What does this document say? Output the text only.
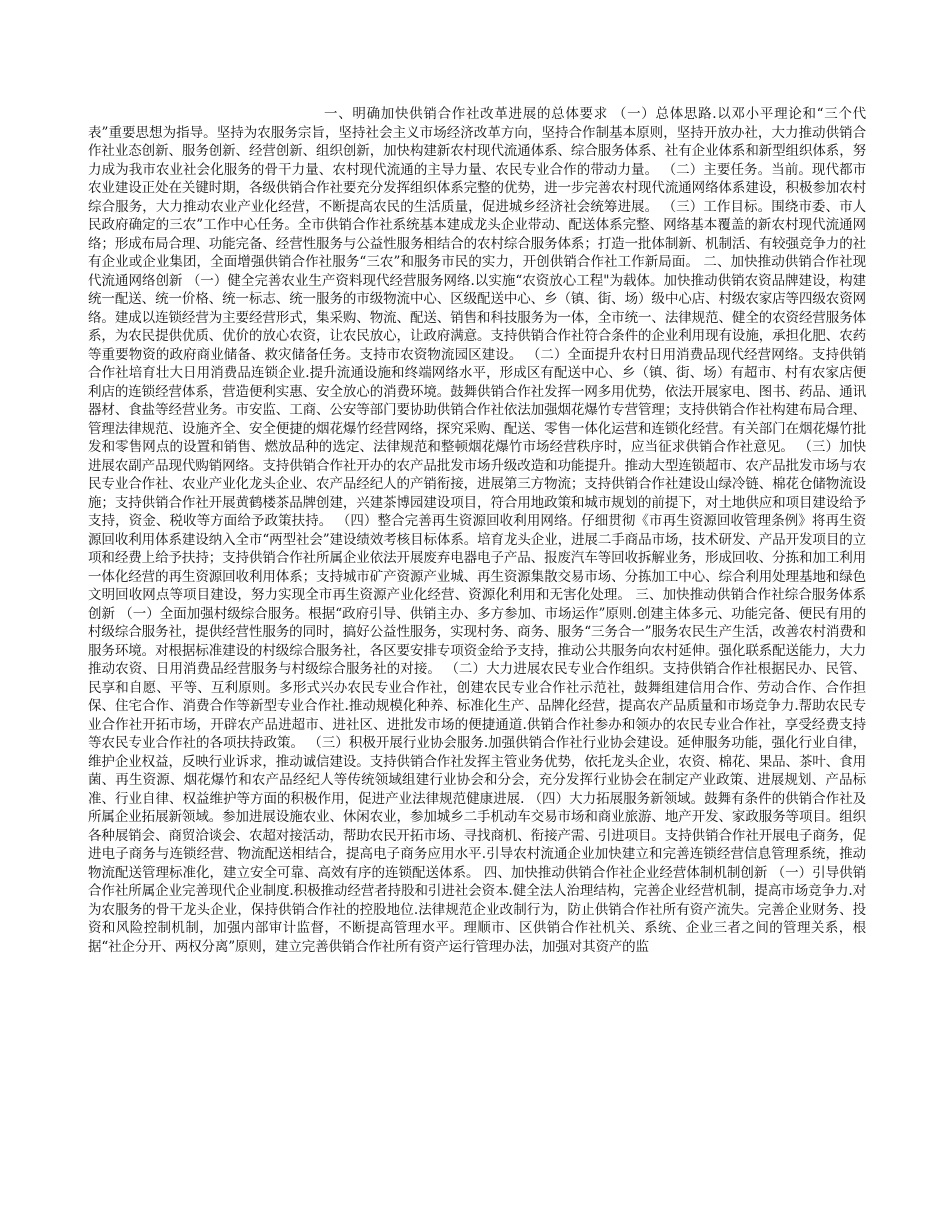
一、明确加快供销合作社改革进展的总体要求 （一）总体思路.以邓小平理论和“三个代表”重要思想为指导。坚持为农服务宗旨，坚持社会主义市场经济改革方向，坚持合作制基本原则，坚持开放办社，大力推动供销合作社业态创新、服务创新、经营创新、组织创新，加快构建新农村现代流通体系、综合服务体系、社有企业体系和新型组织体系，努力成为我市农业社会化服务的骨干力量、农村现代流通的主导力量、农民专业合作的带动力量。 （二）主要任务。当前。现代都市农业建设正处在关键时期，各级供销合作社要充分发挥组织体系完整的优势，进一步完善农村现代流通网络体系建设，积极参加农村综合服务，大力推动农业产业化经营，不断提高农民的生活质量，促进城乡经济社会统筹进展。 （三）工作目标。围绕市委、市人民政府确定的三农”工作中心任务。全市供销合作社系统基本建成龙头企业带动、配送体系完整、网络基本覆盖的新农村现代流通网络；形成布局合理、功能完备、经营性服务与公益性服务相结合的农村综合服务体系；打造一批体制新、机制活、有较强竞争力的社有企业或企业集团，全面增强供销合作社服务“三农”和服务市民的实力，开创供销合作社工作新局面。 二、加快推动供销合作社现代流通网络创新 （一）健全完善农业生产资料现代经营服务网络.以实施“农资放心工程"为载体。加快推动供销农资品牌建设，构建统一配送、统一价格、统一标志、统一服务的市级物流中心、区级配送中心、乡（镇、街、场）级中心店、村级农家店等四级农资网络。建成以连锁经营为主要经营形式，集采购、物流、配送、销售和科技服务为一体，全市统一、法律规范、健全的农资经营服务体系，为农民提供优质、优价的放心农资，让农民放心，让政府满意。支持供销合作社符合条件的企业利用现有设施，承担化肥、农药等重要物资的政府商业储备、救灾储备任务。支持市农资物流园区建设。 （二）全面提升农村日用消费品现代经营网络。支持供销合作社培育壮大日用消费品连锁企业.提升流通设施和终端网络水平，形成区有配送中心、乡（镇、街、场）有超市、村有农家店便利店的连锁经营体系，营造便利实惠、安全放心的消费环境。鼓舞供销合作社发挥一网多用优势，依法开展家电、图书、药品、通讯器材、食盐等经营业务。市安监、工商、公安等部门要协助供销合作社依法加强烟花爆竹专营管理；支持供销合作社构建布局合理、管理法律规范、设施齐全、安全便捷的烟花爆竹经营网络，探究采购、配送、零售一体化运营和连锁化经营。有关部门在烟花爆竹批发和零售网点的设置和销售、燃放品种的选定、法律规范和整顿烟花爆竹市场经营秩序时，应当征求供销合作社意见。 （三）加快进展农副产品现代购销网络。支持供销合作社开办的农产品批发市场升级改造和功能提升。推动大型连锁超市、农产品批发市场与农民专业合作社、农业产业化龙头企业、农产品经纪人的产销衔接，进展第三方物流；支持供销合作社建设山绿冷链、棉花仓储物流设施；支持供销合作社开展黄鹤楼茶品牌创建，兴建茶博园建设项目，符合用地政策和城市规划的前提下，对土地供应和项目建设给予支持，资金、税收等方面给予政策扶持。 （四）整合完善再生资源回收利用网络。仔细贯彻《市再生资源回收管理条例》将再生资源回收利用体系建设纳入全市“两型社会”建设绩效考核目标体系。培育龙头企业，进展二手商品市场，技术研发、产品开发项目的立项和经费上给予扶持；支持供销合作社所属企业依法开展废弃电器电子产品、报废汽车等回收拆解业务，形成回收、分拣和加工利用一体化经营的再生资源回收利用体系；支持城市矿产资源产业城、再生资源集散交易市场、分拣加工中心、综合利用处理基地和绿色文明回收网点等项目建设，努力实现全市再生资源产业化经营、资源化利用和无害化处理。 三、加快推动供销合作社综合服务体系创新 （一）全面加强村级综合服务。根据“政府引导、供销主办、多方参加、市场运作”原则.创建主体多元、功能完备、便民有用的村级综合服务社，提供经营性服务的同时，搞好公益性服务，实现村务、商务、服务“三务合一”服务农民生产生活，改善农村消费和服务环境。对根据标准建设的村级综合服务社，各区要安排专项资金给予支持，推动公共服务向农村延伸。强化联系配送能力，大力推动农资、日用消费品经营服务与村级综合服务社的对接。 （二）大力进展农民专业合作组织。支持供销合作社根据民办、民管、民享和自愿、平等、互利原则。多形式兴办农民专业合作社，创建农民专业合作社示范社，鼓舞组建信用合作、劳动合作、合作担保、住宅合作、消费合作等新型专业合作社.推动规模化种养、标准化生产、品牌化经营，提高农产品质量和市场竞争力.帮助农民专业合作社开拓市场，开辟农产品进超市、进社区、进批发市场的便捷通道.供销合作社参办和领办的农民专业合作社，享受经费支持等农民专业合作社的各项扶持政策。 （三）积极开展行业协会服务.加强供销合作社行业协会建设。延伸服务功能，强化行业自律，维护企业权益，反映行业诉求，推动诚信建设。支持供销合作社发挥主管业务优势，依托龙头企业，农资、棉花、果品、茶叶、食用菌、再生资源、烟花爆竹和农产品经纪人等传统领域组建行业协会和分会，充分发挥行业协会在制定产业政策、进展规划、产品标准、行业自律、权益维护等方面的积极作用，促进产业法律规范健康进展. （四）大力拓展服务新领域。鼓舞有条件的供销合作社及所属企业拓展新领域。参加进展设施农业、休闲农业，参加城乡二手机动车交易市场和商业旅游、地产开发、家政服务等项目。组织各种展销会、商贸洽谈会、农超对接活动，帮助农民开拓市场、寻找商机、衔接产需、引进项目。支持供销合作社开展电子商务，促进电子商务与连锁经营、物流配送相结合，提高电子商务应用水平.引导农村流通企业加快建立和完善连锁经营信息管理系统，推动物流配送管理标准化，建立安全可靠、高效有序的连锁配送体系。 四、加快推动供销合作社企业经营体制机制创新 （一）引导供销合作社所属企业完善现代企业制度.积极推动经营者持股和引进社会资本.健全法人治理结构，完善企业经营机制，提高市场竞争力.对为农服务的骨干龙头企业，保持供销合作社的控股地位.法律规范企业改制行为，防止供销合作社所有资产流失。完善企业财务、投资和风险控制机制，加强内部审计监督，不断提高管理水平。理顺市、区供销合作社机关、系统、企业三者之间的管理关系，根据“社企分开、两权分离”原则，建立完善供销合作社所有资产运行管理办法，加强对其资产的监
